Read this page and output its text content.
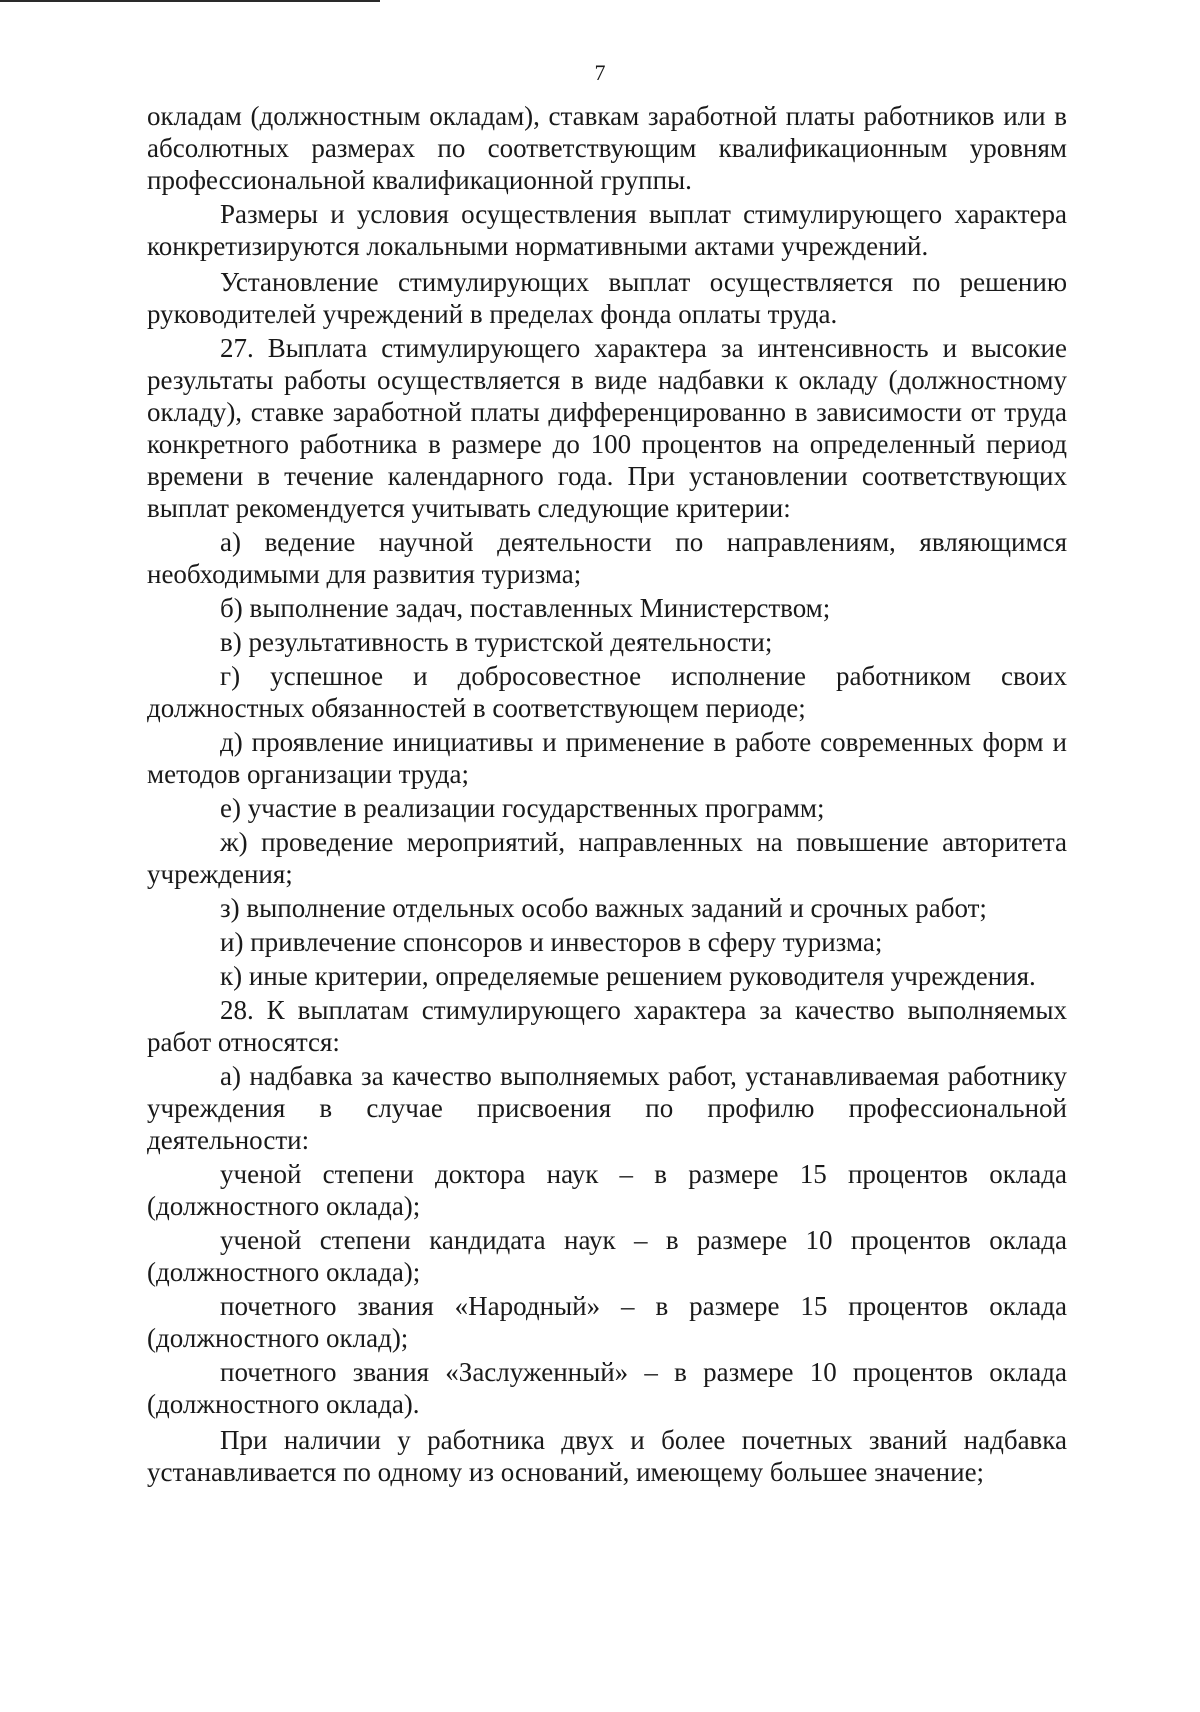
7

окладам (должностным окладам), ставкам заработной платы работников или в абсолютных размерах по соответствующим квалификационным уровням профессиональной квалификационной группы.

Размеры и условия осуществления выплат стимулирующего характера конкретизируются локальными нормативными актами учреждений.

Установление стимулирующих выплат осуществляется по решению руководителей учреждений в пределах фонда оплаты труда.

27. Выплата стимулирующего характера за интенсивность и высокие результаты работы осуществляется в виде надбавки к окладу (должностному окладу), ставке заработной платы дифференцированно в зависимости от труда конкретного работника в размере до 100 процентов на определенный период времени в течение календарного года. При установлении соответствующих выплат рекомендуется учитывать следующие критерии:

а) ведение научной деятельности по направлениям, являющимся необходимыми для развития туризма;

б) выполнение задач, поставленных Министерством;

в) результативность в туристской деятельности;

г) успешное и добросовестное исполнение работником своих должностных обязанностей в соответствующем периоде;

д) проявление инициативы и применение в работе современных форм и методов организации труда;

е) участие в реализации государственных программ;

ж) проведение мероприятий, направленных на повышение авторитета учреждения;

з) выполнение отдельных особо важных заданий и срочных работ;

и) привлечение спонсоров и инвесторов в сферу туризма;

к) иные критерии, определяемые решением руководителя учреждения.

28. К выплатам стимулирующего характера за качество выполняемых работ относятся:

а) надбавка за качество выполняемых работ, устанавливаемая работнику учреждения в случае присвоения по профилю профессиональной деятельности:

ученой степени доктора наук – в размере 15 процентов оклада (должностного оклада);

ученой степени кандидата наук – в размере 10 процентов оклада (должностного оклада);

почетного звания «Народный» – в размере 15 процентов оклада (должностного оклад);

почетного звания «Заслуженный» – в размере 10 процентов оклада (должностного оклада).

При наличии у работника двух и более почетных званий надбавка устанавливается по одному из оснований, имеющему большее значение;
